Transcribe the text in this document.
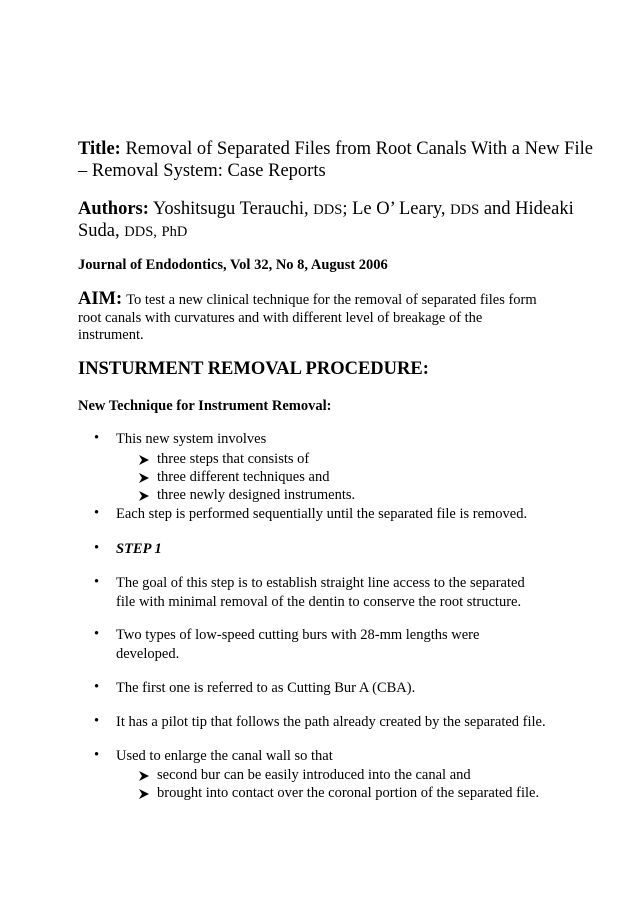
Title: Removal of Separated Files from Root Canals With a New File
– Removal System: Case Reports
Authors: Yoshitsugu Terauchi, DDS; Le O’ Leary, DDS and Hideaki
Suda, DDS, PhD
Journal of Endodontics, Vol 32, No 8, August 2006
AIM: To test a new clinical technique for the removal of separated files form
root canals with curvatures and with different level of breakage of the
instrument.
INSTURMENT REMOVAL PROCEDURE:
New Technique for Instrument Removal:
• This new system involves
three steps that consists of
three different techniques and
three newly designed instruments.
• Each step is performed sequentially until the separated file is removed.
• STEP 1
• The goal of this step is to establish straight line access to the separated
file with minimal removal of the dentin to conserve the root structure.
• Two types of low-speed cutting burs with 28-mm lengths were
developed.
• The first one is referred to as Cutting Bur A (CBA).
• It has a pilot tip that follows the path already created by the separated file.
• Used to enlarge the canal wall so that
second bur can be easily introduced into the canal and
brought into contact over the coronal portion of the separated file.
